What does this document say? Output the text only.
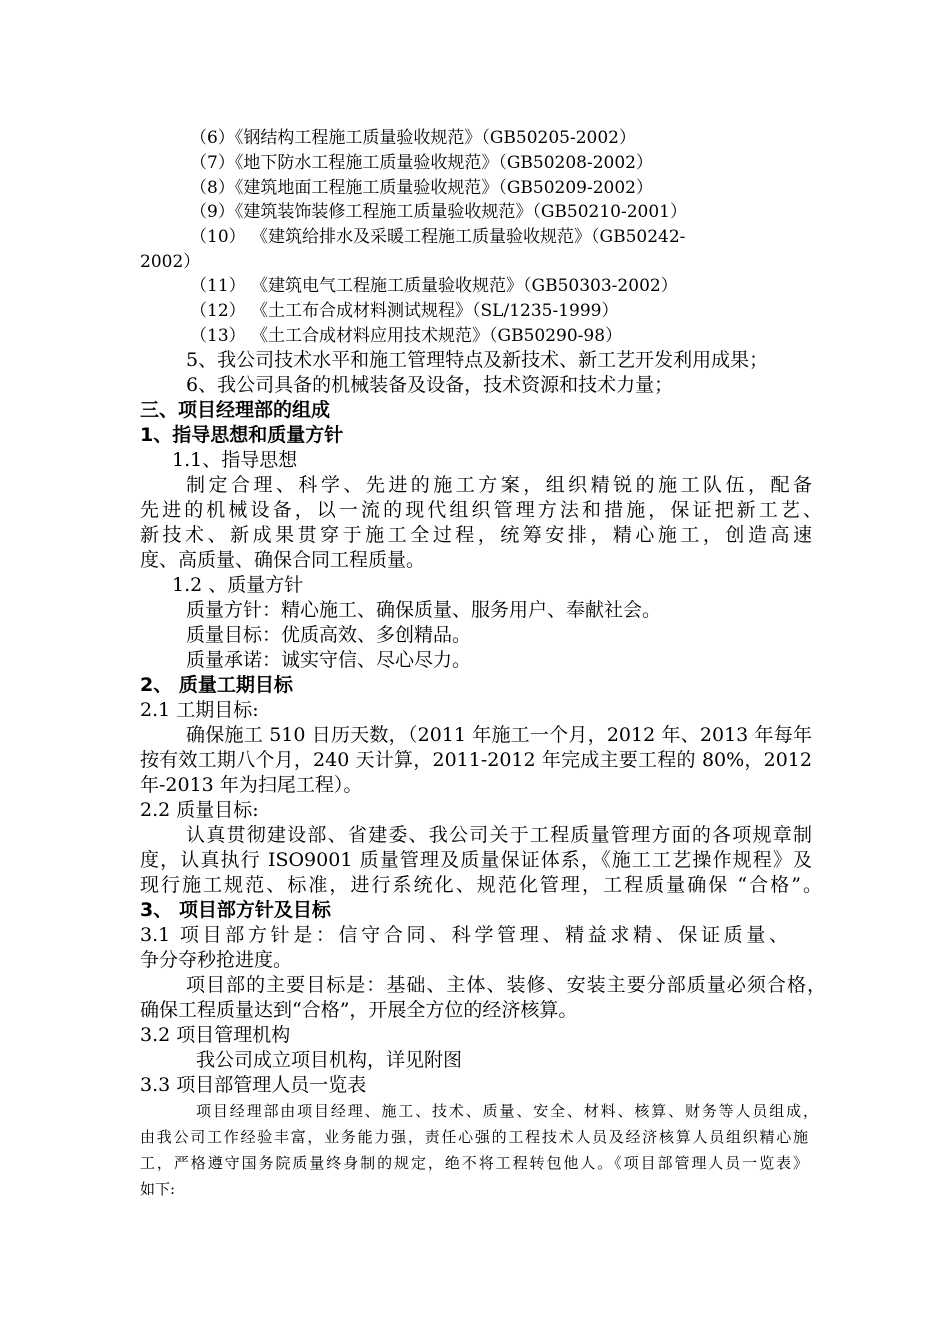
（6）《钢结构工程施工质量验收规范》（GB50205-2002）
（7）《地下防水工程施工质量验收规范》（GB50208-2002）
（8）《建筑地面工程施工质量验收规范》（GB50209-2002）
（9）《建筑装饰装修工程施工质量验收规范》（GB50210-2001）
（10） 《建筑给排水及采暖工程施工质量验收规范》（GB50242-
2002）
（11） 《建筑电气工程施工质量验收规范》（GB50303-2002）
（12） 《土工布合成材料测试规程》（SL/1235-1999）
（13） 《土工合成材料应用技术规范》（GB50290-98）
5、我公司技术水平和施工管理特点及新技术、新工艺开发利用成果；
6、我公司具备的机械装备及设备，技术资源和技术力量；
三、项目经理部的组成
1、指导思想和质量方针
1.1、指导思想
制定合理、科学、先进的施工方案，组织精锐的施工队伍，配备
先进的机械设备，以一流的现代组织管理方法和措施，保证把新工艺、
新技术、新成果贯穿于施工全过程，统筹安排，精心施工，创造高速
度、高质量、确保合同工程质量。
1.2 、质量方针
质量方针：精心施工、确保质量、服务用户、奉献社会。
质量目标：优质高效、多创精品。
质量承诺：诚实守信、尽心尽力。
2、 质量工期目标
2.1 工期目标:
确保施工 510 日历天数，（2011 年施工一个月，2012 年、2013 年每年
按有效工期八个月，240 天计算，2011-2012 年完成主要工程的 80%，2012
年-2013 年为扫尾工程）。
2.2 质量目标:
认真贯彻建设部、省建委、我公司关于工程质量管理方面的各项规章制
度，认真执行 ISO9001 质量管理及质量保证体系，《施工工艺操作规程》及
现行施工规范、标准，进行系统化、规范化管理，工程质量确保 “合格”。
3、 项目部方针及目标
3.1 项目部方针是：信守合同、科学管理、精益求精、保证质量、
争分夺秒抢进度。
项目部的主要目标是：基础、主体、装修、安装主要分部质量必须合格，
确保工程质量达到“合格”，开展全方位的经济核算。
3.2 项目管理机构
我公司成立项目机构，详见附图
3.3 项目部管理人员一览表
项目经理部由项目经理、施工、技术、质量、安全、材料、核算、财务等人员组成，
由我公司工作经验丰富，业务能力强，责任心强的工程技术人员及经济核算人员组织精心施
工，严格遵守国务院质量终身制的规定，绝不将工程转包他人。《项目部管理人员一览表》
如下:
